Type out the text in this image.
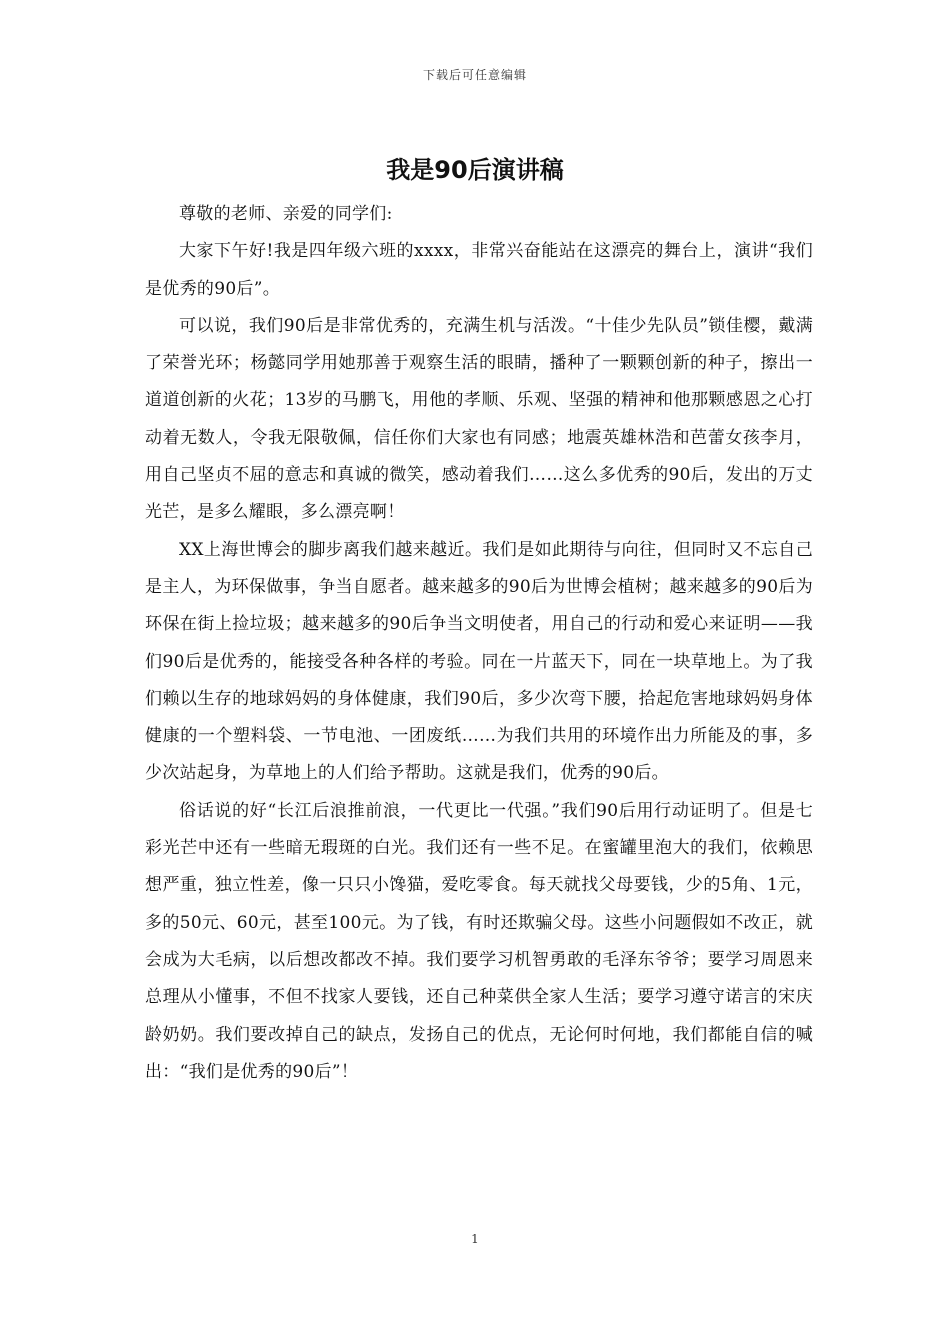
下载后可任意编辑
我是90后演讲稿

尊敬的老师、亲爱的同学们:

大家下午好!我是四年级六班的xxxx，非常兴奋能站在这漂亮的舞台上，演讲“我们是优秀的90后”。

可以说，我们90后是非常优秀的，充满生机与活泼。“十佳少先队员”锁佳樱，戴满了荣誉光环；杨懿同学用她那善于观察生活的眼睛，播种了一颗颗创新的种子，擦出一道道创新的火花；13岁的马鹏飞，用他的孝顺、乐观、坚强的精神和他那颗感恩之心打动着无数人，令我无限敬佩，信任你们大家也有同感；地震英雄林浩和芭蕾女孩李月，用自己坚贞不屈的意志和真诚的微笑，感动着我们……这么多优秀的90后，发出的万丈光芒，是多么耀眼，多么漂亮啊！

XX上海世博会的脚步离我们越来越近。我们是如此期待与向往，但同时又不忘自己是主人，为环保做事，争当自愿者。越来越多的90后为世博会植树；越来越多的90后为环保在街上捡垃圾；越来越多的90后争当文明使者，用自己的行动和爱心来证明——我们90后是优秀的，能接受各种各样的考验。同在一片蓝天下，同在一块草地上。为了我们赖以生存的地球妈妈的身体健康，我们90后，多少次弯下腰，拾起危害地球妈妈身体健康的一个塑料袋、一节电池、一团废纸……为我们共用的环境作出力所能及的事，多少次站起身，为草地上的人们给予帮助。这就是我们，优秀的90后。

俗话说的好“长江后浪推前浪，一代更比一代强。”我们90后用行动证明了。但是七彩光芒中还有一些暗无瑕斑的白光。我们还有一些不足。在蜜罐里泡大的我们，依赖思想严重，独立性差，像一只只小馋猫，爱吃零食。每天就找父母要钱，少的5角、1元，多的50元、60元，甚至100元。为了钱，有时还欺骗父母。这些小问题假如不改正，就会成为大毛病，以后想改都改不掉。我们要学习机智勇敢的毛泽东爷爷；要学习周恩来总理从小懂事，不但不找家人要钱，还自己种菜供全家人生活；要学习遵守诺言的宋庆龄奶奶。我们要改掉自己的缺点，发扬自己的优点，无论何时何地，我们都能自信的喊出：“我们是优秀的90后”！

1
